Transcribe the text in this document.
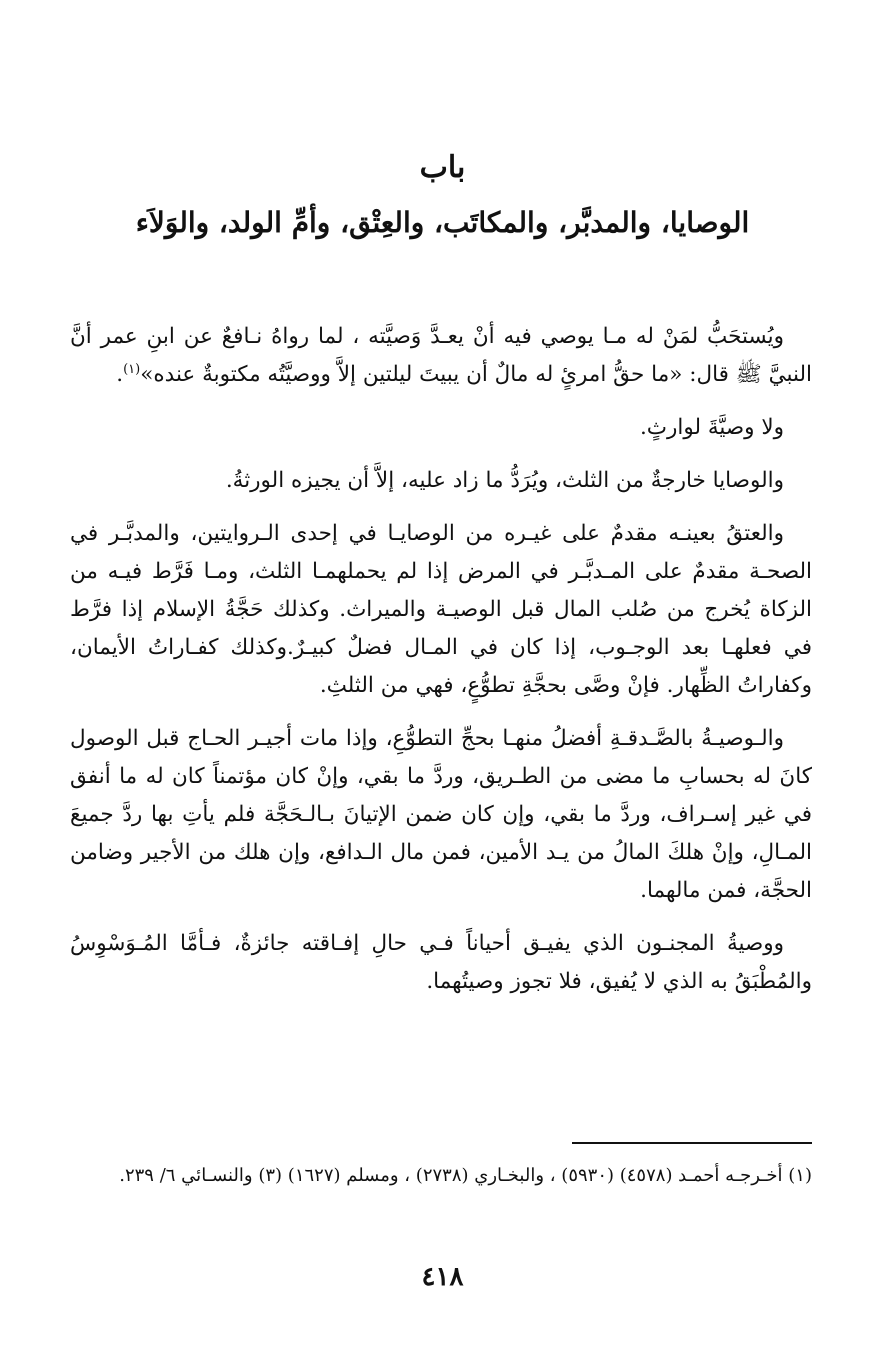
باب
الوصايا، والمدبَّر، والمكاتَب، والعِتْق، وأمِّ الولد، والوَلاَء

ويُستحَبُّ لمَنْ له مـا يوصي فيه أنْ يعـدَّ وَصيَّته ، لما رواهُ نـافعٌ عن ابنِ عمر أنَّ النبيَّ ﷺ قال: «ما حقُّ امرئٍ له مالٌ أن يبيتَ ليلتين إلاَّ ووصيَّتُه مكتوبةٌ عنده»$^{(١)}$.

ولا وصيَّةَ لوارثٍ.

والوصايا خارجةٌ من الثلث، ويُرَدُّ ما زاد عليه، إلاَّ أن يجيزه الورثةُ.

والعتقُ بعينـه مقدمٌ على غيـره من الوصايـا في إحدى الـروايتين، والمدبَّـر في الصحـة مقدمٌ على المـدبَّـر في المرض إذا لم يحملهمـا الثلث، ومـا فَرَّط فيـه من الزكاة يُخرج من صُلب المال قبل الوصيـة والميراث. وكذلك حَجَّةُ الإسلام إذا فرَّط في فعلهـا بعد الوجـوب، إذا كان في المـال فضلٌ كبيـرٌ.وكذلك كفـاراتُ الأيمان، وكفاراتُ الظِّهار. فإنْ وصَّى بحجَّةِ تطوُّعٍ، فهي من الثلثِ.

والـوصيـةُ بالصَّـدقـةِ أفضلُ منهـا بحجِّ التطوُّعِ، وإذا مات أجيـر الحـاج قبل الوصول كانَ له بحسابِ ما مضى من الطـريق، وردَّ ما بقي، وإنْ كان مؤتمناً كان له ما أنفق في غير إسـراف، وردَّ ما بقي، وإن كان ضمن الإتيانَ بـالـحَجَّة فلم يأتِ بها ردَّ جميعَ المـالِ، وإنْ هلكَ المالُ من يـد الأمين، فمن مال الـدافع، وإن هلك من الأجير وضامن الحجَّة، فمن مالهما.

ووصيةُ المجنـون الذي يفيـق أحياناً فـي حالِ إفـاقته جائزةٌ، فـأمَّا المُـوَسْوِسُ والمُطْبَقُ به الذي لا يُفيق، فلا تجوز وصيتُهما.

(١) أخـرجـه أحمـد (٤٥٧٨) (٥٩٣٠) ، والبخـاري (٢٧٣٨) ، ومسلم (١٦٢٧) (٣) والنسـائي ٦/ ٢٣٩.
٤١٨
